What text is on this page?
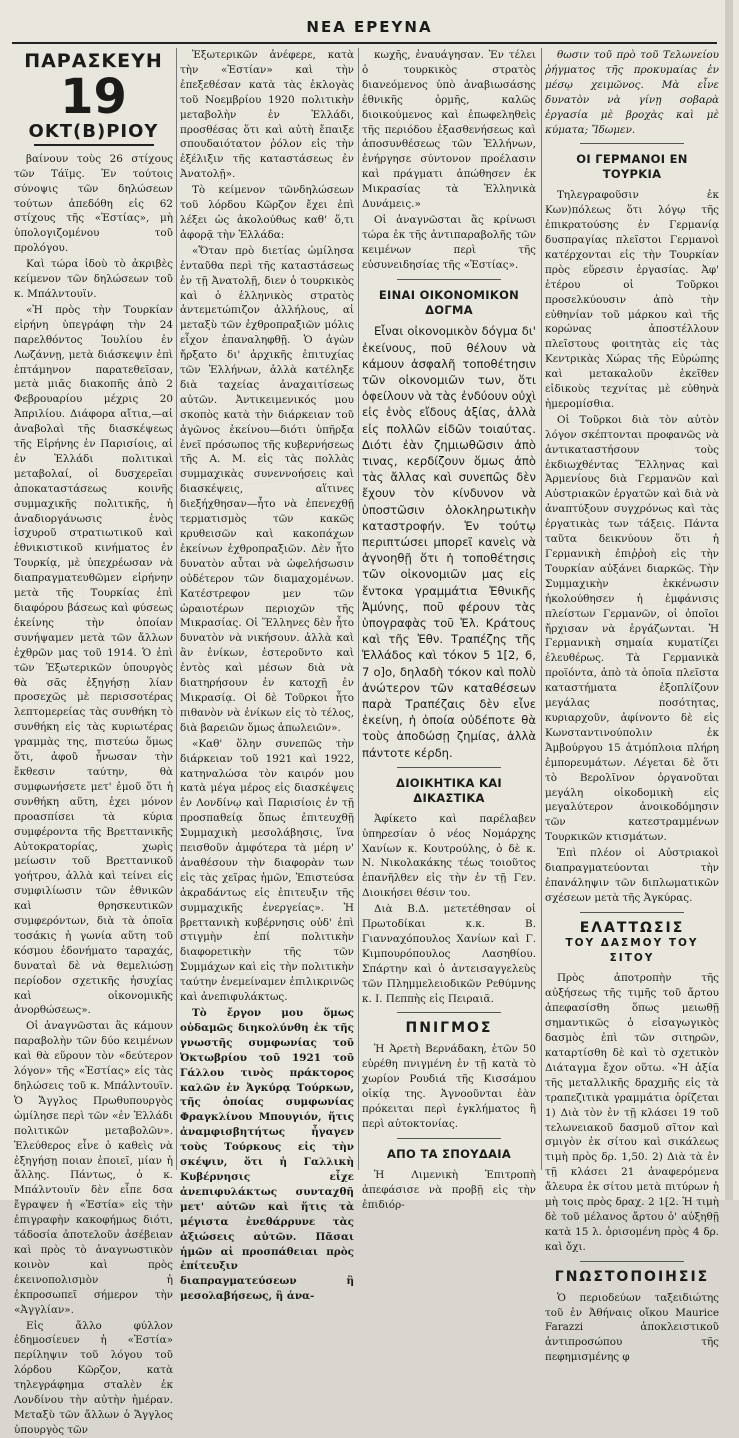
ΝΕΑ ΕΡΕΥΝΑ
ΠΑΡΑΣΚΕΥΗ
19
ΟΚΤ(Β)ΡΙΟΥ

βαίνουν τοὺς 26 στίχους τῶν Τάϊμς. Ἐν τούτοις σύνοψις τῶν δηλώσεων τούτων ἀπεδόθη εἰς 62 στίχους τῆς «Ἑστίας», μὴ ὑπολογιζομένου τοῦ προλόγου.

Καὶ τώρα ἰδοὺ τὸ ἀκριβὲς κείμενον τῶν δηλώσεων τοῦ κ. Μπάλντουϊν.

«Ἡ πρὸς τὴν Τουρκίαν εἰρήνη ὑπεγράφη τὴν 24 παρελθόντος Ἰουλίου ἐν Λωζάννῃ, μετὰ διάσκεψιν ἐπὶ ἑπτάμηνον παρατεθεῖσαν, μετὰ μιᾶς διακοπῆς ἀπὸ 2 Φεβρουαρίου μέχρις 20 Ἀπριλίου. Διάφορα αἴτια,—αἱ ἀναβολαὶ τῆς διασκέψεως τῆς Εἰρήνης ἐν Παρισίοις, αἱ ἐν Ἑλλάδι πολιτικαὶ μεταβολαί, οἱ δυσχερεῖαι ἀποκαταστάσεως κοινῆς συμμαχικῆς πολιτικῆς, ἡ ἀναδιοργάνωσις ἑνὸς ἰσχυροῦ στρατιωτικοῦ καὶ ἐθνικιστικοῦ κινήματος ἐν Τουρκίᾳ, μὲ ὑπεχρέωσαν νὰ διαπραγματευθῶμεν εἰρήνην μετὰ τῆς Τουρκίας ἐπὶ διαφόρου βάσεως καὶ φύσεως ἐκείνης τὴν ὁποίαν συνήψαμεν μετὰ τῶν ἄλλων ἐχθρῶν μας τοῦ 1914. Ὁ ἐπὶ τῶν Ἐξωτερικῶν ὑπουργὸς θὰ σᾶς ἐξηγήσῃ λίαν προσεχῶς μὲ περισσοτέρας λεπτομερείας τὰς συνθήκη τὸ συνθήκη εἰς τὰς κυριωτέρας γραμμὰς της, πιστεύω ὅμως ὅτι, ἀφοῦ ἦνωσαν τὴν ἔκθεσιν ταύτην, θὰ συμφωνήσετε μετ' ἐμοῦ ὅτι ἡ συνθήκη αὕτη, ἐχει μόνον προασπίσει τὰ κύρια συμφέροντα τῆς Βρεττανικῆς Αὐτοκρατορίας, χωρὶς μείωσιν τοῦ Βρεττανικοῦ γοήτρου, ἀλλὰ καὶ τείνει εἰς συμφιλίωσιν τῶν ἐθνικῶν καὶ θρησκευτικῶν συμφερόντων, διὰ τὰ ὁποῖα τοσάκις ἡ γωνία αὕτη τοῦ κόσμου ἐδονήματο ταραχάς, δυναταὶ δὲ νὰ θεμελιώσῃ περίοδον σχετικῆς ἡσυχίας καὶ οἰκονομικῆς ἀνορθώσεως».

Οἱ ἀναγνῶσται ἃς κάμουν παραβολὴν τῶν δύο κειμένων καὶ θὰ εὕρουν τὸν «δεύτερον λόγον» τῆς «Ἑστίας» εἰς τὰς δηλώσεις τοῦ κ. Μπάλντουϊν. Ὁ Ἄγγλος Πρωθυπουργὸς ὡμίλησε περὶ τῶν «ἐν Ἑλλάδι πολιτικῶν μεταβολῶν». Ἑλεύθερος εἶνε ὁ καθεὶς νὰ ἐξηγήσῃ ποιαν ἐποιεῖ, μίαν ἡ ἄλλης. Πάντως, ὁ κ. Μπάλντουϊν δὲν εἶπε δσα ἔγραψεν ἡ «Ἑστία» εἰς τὴν ἐπιγραφὴν κακοφήμως διότι, τάδοσία ἀποτελοῦν ἀσέβειαν καὶ πρὸς τὸ ἀναγνωστικὸν κοινὸν καὶ πρὸς ἐκεινοπολισμὸν ἡ ἐκπροσωπεῖ σήμερον τὴν «Ἀγγλίαν».

Εἰς ἄλλο φύλλον ἐδημοσίευεν ἡ «Ἑστία» περίληψιν τοῦ λόγου τοῦ λόρδου Κῶρζον, κατὰ τηλεγράφημα σταλὲν ἐκ Λονδίνου τὴν αὐτὴν ἡμέραν. Μεταξὺ τῶν ἄλλων ὁ Ἄγγλος ὑπουργὸς τῶν

Ἐξωτερικῶν ἀνέφερε, κατὰ τὴν «Ἑστίαν» καὶ τὴν ἐπεξεθέσαν κατὰ τὰς ἐκλογὰς τοῦ Νοεμβρίου 1920 πολιτικὴν μεταβολὴν ἐν Ἑλλάδι, προσθέσας ὅτι καὶ αὐτὴ ἔπαιξε σπουδαιότατον ῥόλον εἰς τὴν ἐξέλιξιν τῆς καταστάσεως ἐν Ἀνατολῇ».

Τὸ κείμενον τῶνδηλώσεων τοῦ λόρδου Κῶρζον ἔχει ἐπὶ λέξει ὡς ἀκολούθως καθ' ὅ,τι ἀφορᾷ τὴν Ἑλλάδα:

«Ὅταν πρὸ διετίας ὡμίλησα ἐνταῦθα περὶ τῆς καταστάσεως ἐν τῇ Ἀνατολῇ, διεν ὁ τουρκικὸς καὶ ὁ ἑλληνικὸς στρατὸς ἀντεμετώπιζον ἀλλήλους, αἱ μεταξὺ τῶν ἐχθροπραξιῶν μόλις εἶχον ἐπαναληφθῇ. Ὁ ἀγὼν ἤρξατο δι' ἀρχικῆς ἐπιτυχίας τῶν Ἑλλήνων, ἀλλὰ κατέληξε διὰ ταχείας ἀναχαιτίσεως αὐτῶν. Ἀντικειμενικός μου σκοπὸς κατὰ τὴν διάρκειαν τοῦ ἀγῶνος ἐκείνου—διότι ὑπῆρξα ἐνεῖ πρόσωπος τῆς κυβερνήσεως τῆς Α. Μ. εἰς τὰς πολλὰς συμμαχικὰς συνεννοήσεις καὶ διασκέψεις, αἵτινες διεξήχθησαν—ἦτο νὰ ἐπενεχθῇ τερματισμὸς τῶν κακῶς κρυθεισῶν καὶ κακοπάχων ἐκείνων ἐχθροπραξιῶν. Δὲν ἦτο δυνατὸν αὗται νὰ ὠφελήσωσιν οὐδέτερον τῶν διαμαχομένων. Κατέστρεφον μεν τῶν ὡραιοτέρων περιοχῶν τῆς Μικρασίας. Οἱ Ἕλληνες δὲν ἦτο δυνατὸν νὰ νικήσουν. ἀλλὰ καὶ ἂν ἐνίκων, ἐστεροῦντο καὶ ἐντὸς καὶ μέσων διὰ νὰ διατηρήσουν ἐν κατοχῇ ἐν Μικρασίᾳ. Οἱ δὲ Τοῦρκοι ἦτο πιθανὸν νὰ ἐνίκων εἰς τὸ τέλος, διὰ βαρειῶν ὅμως ἀπωλειῶν».

«Καθ' ὅλην συνεπῶς τὴν διάρκειαν τοῦ 1921 καὶ 1922, κατηναλώσα τὸν καιρόν μου κατὰ μέγα μέρος εἰς διασκέψεις ἐν Λονδίνῳ καὶ Παρισίοις ἐν τῇ προσπαθείᾳ ὅπως ἐπιτευχθῇ Συμμαχικὴ μεσολάβησις, ἵνα πεισθοῦν ἀμφότερα τὰ μέρη ν' ἀναθέσουν τὴν διαφορὰν των εἰς τὰς χεῖρας ἡμῶν, Ἐπιστεύσα ἀκραδάντως εἰς ἐπιτευξιν τῆς συμμαχικῆς ἐνεργείας». Ἡ βρεττανικὴ κυβέρνησις οὐδ' ἐπὶ στιγμὴν ἐπί πολιτικὴν διαφορετικὴν τῆς τῶν Συμμάχων καὶ εἰς τὴν πολιτικὴν ταύτην ἐνεμείναμεν ἐπιλικρινῶς καὶ ἀνεπιφυλάκτως.

Τὸ ἔργον μου ὅμως οὐδαμῶς διηκολύνθη ἐκ τῆς γνωστῆς συμφωνίας τοῦ Ὀκτωβρίου τοῦ 1921 τοῦ Γάλλου τινὸς πράκτορος καλῶν ἐν Ἀγκύρᾳ Τούρκων, τῆς ὁποίας συμφωνίας Φραγκλίνου Μπουγιόν, ἥτις ἀναμφισβητήτως ἦγαγεν τοὺς Τούρκους εἰς τὴν σκέψιν, ὅτι ἡ Γαλλικὴ Κυβέρνησις εἶχε ἀνεπιφυλάκτως συνταχθῆ μετ' αὐτῶν καὶ ἥτις τὰ μέγιστα ἐνεθάρρυνε τὰς ἀξιώσεις αὐτῶν. Πᾶσαι ἡμῶν αἱ προσπάθειαι πρὸς ἐπίτευξιν διαπραγματεύσεων ἢ μεσολαβήσεως, ἢ ἀνα-

κωχῆς, ἐναυάγησαν. Ἐν τέλει ὁ τουρκικὸς στρατὸς διανεόμενος ὑπὸ ἀναβιωσάσης ἐθνικῆς ὁρμῆς, καλῶς διοικούμενος καὶ ἐπωφεληθεὶς τῆς περιόδου ἐξασθενήσεως καὶ ἀποσυνθέσεως τῶν Ἑλλήνων, ἐνήργησε σύντονον προέλασιν καὶ πράγματι ἀπώθησεν ἐκ Μικρασίας τὰ Ἑλληνικὰ Δυνάμεις.»

Οἱ ἀναγνῶσται ἃς κρίνωσι τώρα ἐκ τῆς ἀντιπαραβολῆς τῶν κειμένων περὶ τῆς εὐσυνειδησίας τῆς «Ἑστίας».

ΕΙΝΑΙ ΟΙΚΟΝΟΜΙΚΟΝ ΔΟΓΜΑ

Εἶναι οἰκονομικὸν δόγμα δι' ἐκείνους, ποῦ θέλουν νὰ κάμουν ἀσφαλῆ τοποθέτησιν τῶν οἰκονομιῶν των, ὅτι ὀφείλουν νὰ τὰς ἐνδύουν οὐχὶ εἰς ἑνὸς εἴδους ἀξίας, ἀλλὰ εἰς πολλῶν εἰδῶν τοιαύτας. Διότι ἐὰν ζημιωθῶσιν ἀπὸ τινας, κερδίζουν ὅμως ἀπὸ τὰς ἄλλας καὶ συνεπῶς δὲν ἔχουν τὸν κίνδυνον νὰ ὑποστῶσιν ὁλοκληρωτικὴν καταστροφήν. Ἐν τούτῳ περιπτώσει μπορεῖ κανεὶς νὰ ἀγνοηθῇ ὅτι ἡ τοποθέτησις τῶν οἰκονομιῶν μας εἰς ἔντοκα γραμμάτια Ἐθνικῆς Ἀμύνης, ποῦ φέρουν τὰς ὑπογραφὰς τοῦ Ἑλ. Κράτους καὶ τῆς Ἐθν. Τραπέζης τῆς Ἑλλάδος καὶ τόκον 5 1[2, 6, 7 ο]ο, δηλαδὴ τόκον καὶ πολὺ ἀνώτερον τῶν καταθέσεων παρὰ Τραπέζαις δὲν εἶνε ἐκείνη, ἡ ὁποία οὐδέποτε θὰ τοὺς ἀποδώσῃ ζημίας, ἀλλὰ πάντοτε κέρδη.

ΔΙΟΙΚΗΤΙΚΑ ΚΑΙ ΔΙΚΑΣΤΙΚΑ

Ἀφίκετο καὶ παρέλαβεν ὑπηρεσίαν ὁ νέος Νομάρχης Χανίων κ. Κουτρούλης, ὁ δὲ κ. Ν. Νικολακάκης τέως τοιοῦτος ἐπανῆλθεν εἰς τὴν ἐν τῇ Γεν. Διοικήσει θέσιν του.

Διὰ Β.Δ. μετετέθησαν οἱ Πρωτοδίκαι κ.κ. Β. Γιανναχόπουλος Χανίων καὶ Γ. Κιμπουρόπουλος Λασηθίου. Σπάρτην καὶ ὁ ἀντεισαγγελεὺς τῶν Πλημμελειοδικῶν Ρεθύμνης κ. Ι. Πεππὴς εἰς Πειραιᾶ.

ΠΝΙΓΜΟΣ

Ἡ Ἀρετὴ Βερνάδακη, ἐτῶν 50 εὑρέθη πνιγμένη ἐν τῇ κατὰ τὸ χωρίον Ρουδιά τῆς Κισσάμου οἰκίᾳ της. Ἀγνοοῦνται ἐὰν πρόκειται περὶ ἐγκλήματος ἢ περὶ αὐτοκτονίας.

ΑΠΟ ΤΑ ΣΠΟΥΔΑΙΑ

Ἡ Λιμενικὴ Ἐπιτροπὴ ἀπεφάσισε νὰ προβῇ εἰς τὴν ἐπιδιόρ-

θωσιν τοῦ πρὸ τοῦ Τελωνείου ῥήγματος τῆς προκυμαίας ἐν μέσῳ χειμῶνος. Μὰ εἶνε δυνατὸν νὰ γίνῃ σοβαρὰ ἐργασία μὲ βροχὰς καὶ μὲ κύματα; Ἴδωμεν.

ΟΙ ΓΕΡΜΑΝΟΙ ΕΝ ΤΟΥΡΚΙΑ

Τηλεγραφοῦσιν ἐκ Κων)πόλεως ὅτι λόγῳ τῆς ἐπικρατούσης ἐν Γερμανίᾳ δυσπραγίας πλεῖστοι Γερμανοὶ κατέρχονται εἰς τὴν Τουρκίαν πρὸς εὕρεσιν ἐργασίας. Ἀφ' ἑτέρου οἱ Τοῦρκοι προσελκύουσιν ἀπὸ τὴν εὐθηνίαν τοῦ μάρκου καὶ τῆς κορώνας ἀποστέλλουν πλεῖστους φοιτητὰς εἰς τὰς Κεντρικὰς Χώρας τῆς Εὐρώπης καὶ μετακαλοῦν ἐκεῖθεν εἰδικοὺς τεχνίτας μὲ εὐθηνὰ ἡμερομίσθια.

Οἱ Τοῦρκοι διὰ τὸν αὐτὸν λόγον σκέπτονται προφανῶς νὰ ἀντικαταστήσουν τοὺς ἐκδιωχθέντας Ἕλληνας καὶ Ἀρμενίους διὰ Γερμανῶν καὶ Αὐστριακῶν ἐργατῶν καὶ διὰ νὰ ἀναπτύξουν συγχρόνως καὶ τὰς ἐργατικὰς των τάξεις. Πάντα ταῦτα δεικνύουν ὅτι ἡ Γερμανικὴ ἐπιῤῥοὴ εἰς τὴν Τουρκίαν αὐξάνει διαρκῶς. Τὴν Συμμαχικὴν ἐκκένωσιν ἠκολούθησεν ἡ ἐμφάνισις πλείστων Γερμανῶν, οἱ ὁποῖοι ἤρχισαν νὰ ἐργάζωνται. Ἡ Γερμανικὴ σημαία κυματίζει ἐλευθέρως. Τὰ Γερμανικὰ προϊόντα, ἀπὸ τὰ ὁποῖα πλεῖστα καταστήματα ἐξοπλίζουν μεγάλας ποσότητας, κυριαρχοῦν, ἀφίνοντο δὲ εἰς Κωνσταντινούπολιν ἐκ Ἀμβούργου 15 ἀτμόπλοια πλήρη ἐμπορευμάτων. Λέγεται δὲ ὅτι τὸ Βερολῖνον ὀργανοῦται μεγάλη οἰκοδομικὴ εἰς μεγαλύτερον ἀνοικοδόμησιν τῶν κατεστραμμένων Τουρκικῶν κτισμάτων.

Ἐπὶ πλέον οἱ Αὐστριακοὶ διαπραγματεύονται τὴν ἐπανάληψιν τῶν διπλωματικῶν σχέσεων μετὰ τῆς Ἀγκύρας.

ΕΛΑΤΤΩΣΙΣ
ΤΟΥ ΔΑΣΜΟΥ ΤΟΥ ΣΙΤΟΥ

Πρὸς ἀποτροπὴν τῆς αὐξήσεως τῆς τιμῆς τοῦ ἄρτου ἀπεφασίσθη ὅπως μειωθῇ σημαντικῶς ὁ εἰσαγωγικὸς δασμὸς ἐπὶ τῶν σιτηρῶν, καταρτίσθη δὲ καὶ τὸ σχετικὸν Διάταγμα ἔχον οὕτω. «Ἡ ἀξία τῆς μεταλλικῆς δραχμῆς εἰς τὰ τραπεζιτικὰ γραμμάτια ὁρίζεται 1) Διὰ τὸν ἐν τῇ κλάσει 19 τοῦ τελωνειακοῦ δασμοῦ σῖτον καὶ σμιγὸν ἐκ σίτου καὶ σικάλεως τιμὴ πρὸς δρ. 1,50. 2) Διὰ τὰ ἐν τῇ κλάσει 21 ἀναφερόμενα ἄλευρα ἐκ σίτου μετὰ πιτύρων ἡ μὴ τοις πρὸς δραχ. 2 1[2. Ἡ τιμὴ δὲ τοῦ μέλανος ἄρτου ὁ' αὐξηθῇ κατὰ 15 λ. ὁρισομένη πρὸς 4 δρ. καὶ ὄχι.

ΓΝΩΣΤΟΠΟΙΗΣΙΣ

Ὁ περιοδεύων ταξειδιώτης τοῦ ἐν Ἀθήναις οἴκου Maurice Farazzi ἀποκλειστικοῦ ἀντιπροσώπου τῆς πεφημισμένης φ
